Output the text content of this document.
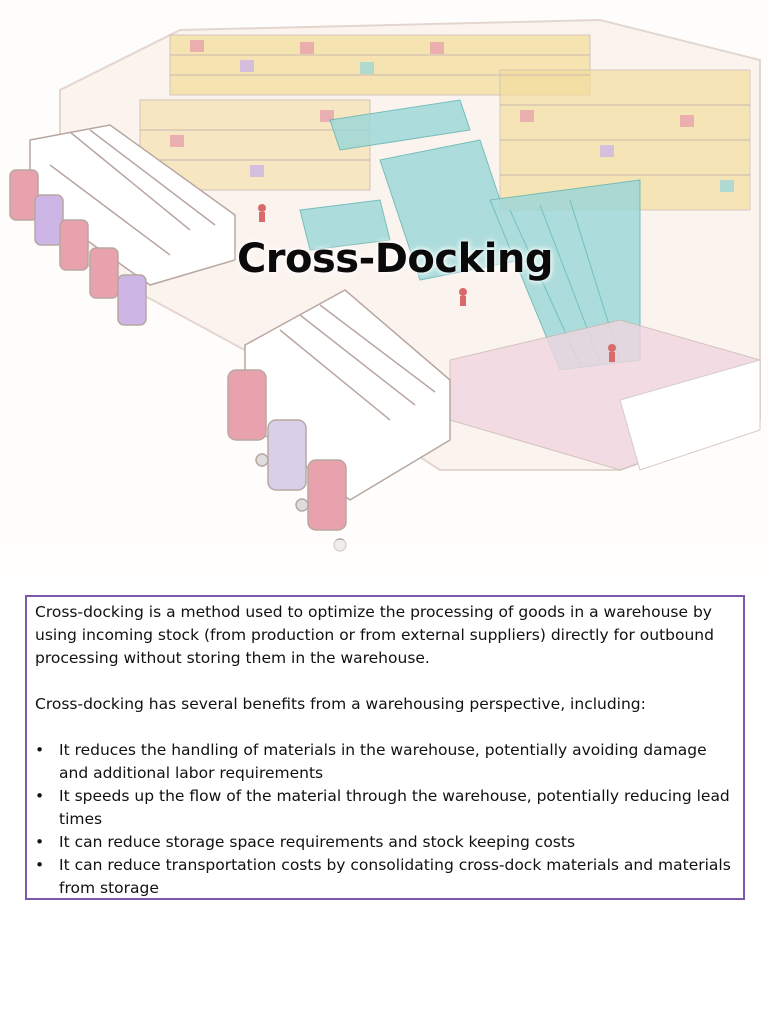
Cross-Docking

Cross-docking is a method used to optimize the processing of goods in a warehouse by using incoming stock (from production or from external suppliers) directly for outbound processing without storing them in the warehouse.

Cross-docking has several benefits from a warehousing perspective, including:

• It reduces the handling of materials in the warehouse, potentially avoiding damage and additional labor requirements
• It speeds up the flow of the material through the warehouse, potentially reducing lead times
• It can reduce storage space requirements and stock keeping costs
• It can reduce transportation costs by consolidating cross-dock materials and materials from storage
